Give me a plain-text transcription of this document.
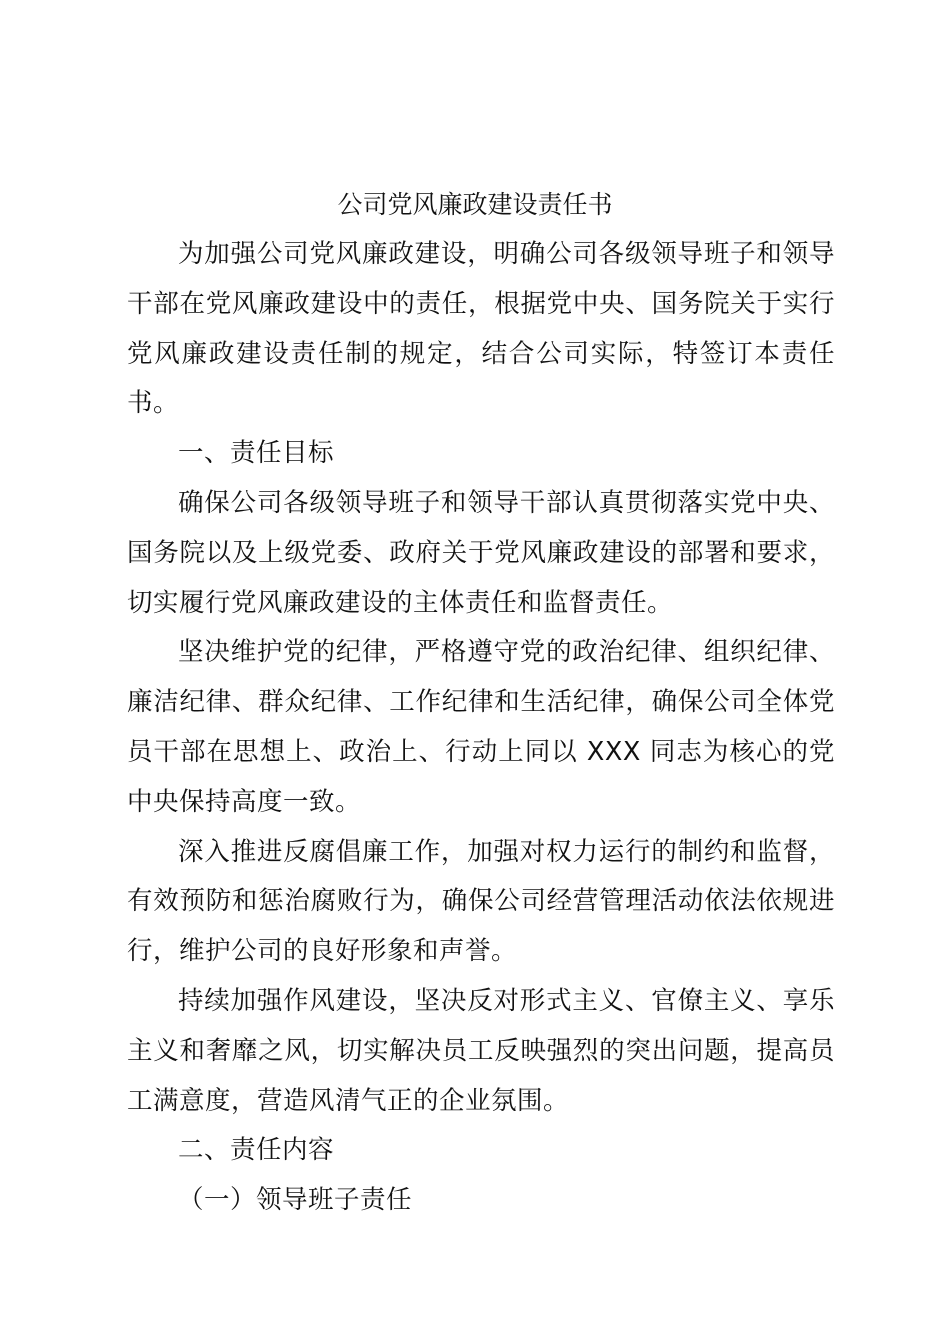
公司党风廉政建设责任书

为加强公司党风廉政建设，明确公司各级领导班子和领导干部在党风廉政建设中的责任，根据党中央、国务院关于实行党风廉政建设责任制的规定，结合公司实际，特签订本责任书。

一、责任目标

确保公司各级领导班子和领导干部认真贯彻落实党中央、国务院以及上级党委、政府关于党风廉政建设的部署和要求，切实履行党风廉政建设的主体责任和监督责任。

坚决维护党的纪律，严格遵守党的政治纪律、组织纪律、廉洁纪律、群众纪律、工作纪律和生活纪律，确保公司全体党员干部在思想上、政治上、行动上同以 XXX 同志为核心的党中央保持高度一致。

深入推进反腐倡廉工作，加强对权力运行的制约和监督，有效预防和惩治腐败行为，确保公司经营管理活动依法依规进行，维护公司的良好形象和声誉。

持续加强作风建设，坚决反对形式主义、官僚主义、享乐主义和奢靡之风，切实解决员工反映强烈的突出问题，提高员工满意度，营造风清气正的企业氛围。

二、责任内容

（一）领导班子责任
